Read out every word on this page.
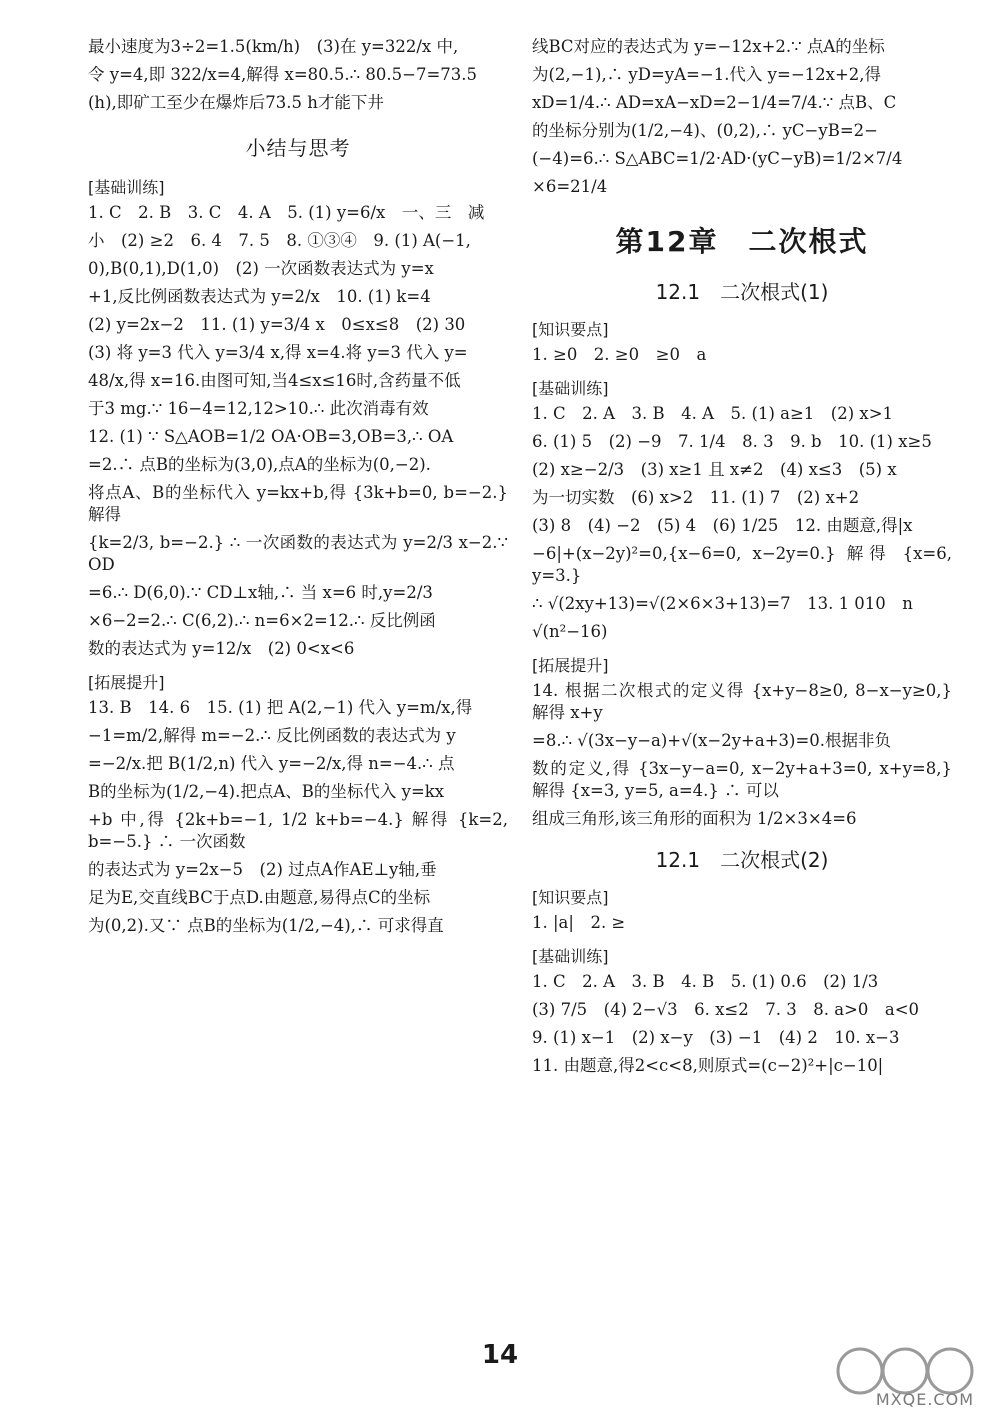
最小速度为3÷2=1.5(km/h)　(3)在 y=322/x 中,

令 y=4,即 322/x=4,解得 x=80.5.∴ 80.5−7=73.5

(h),即矿工至少在爆炸后73.5 h才能下井

小结与思考
[基础训练]

1. C　2. B　3. C　4. A　5. (1) y=6/x　一、三　减

小　(2) ≥2　6. 4　7. 5　8. ①③④　9. (1) A(−1,

0),B(0,1),D(1,0)　(2) 一次函数表达式为 y=x

+1,反比例函数表达式为 y=2/x　10. (1) k=4

(2) y=2x−2　11. (1) y=3/4 x　0≤x≤8　(2) 30

(3) 将 y=3 代入 y=3/4 x,得 x=4.将 y=3 代入 y=

48/x,得 x=16.由图可知,当4≤x≤16时,含药量不低

于3 mg.∵ 16−4=12,12>10.∴ 此次消毒有效

12. (1) ∵ S△AOB=1/2 OA·OB=3,OB=3,∴ OA

=2.∴ 点B的坐标为(3,0),点A的坐标为(0,−2).

将点A、B的坐标代入 y=kx+b,得 {3k+b=0, b=−2.} 解得

{k=2/3, b=−2.} ∴ 一次函数的表达式为 y=2/3 x−2.∵ OD

=6.∴ D(6,0).∵ CD⊥x轴,∴ 当 x=6 时,y=2/3

×6−2=2.∴ C(6,2).∴ n=6×2=12.∴ 反比例函

数的表达式为 y=12/x　(2) 0<x<6

[拓展提升]

13. B　14. 6　15. (1) 把 A(2,−1) 代入 y=m/x,得

−1=m/2,解得 m=−2.∴ 反比例函数的表达式为 y

=−2/x.把 B(1/2,n) 代入 y=−2/x,得 n=−4.∴ 点

B的坐标为(1/2,−4).把点A、B的坐标代入 y=kx

+b 中,得 {2k+b=−1, 1/2 k+b=−4.} 解得 {k=2, b=−5.} ∴ 一次函数

的表达式为 y=2x−5　(2) 过点A作AE⊥y轴,垂

足为E,交直线BC于点D.由题意,易得点C的坐标

为(0,2).又∵ 点B的坐标为(1/2,−4),∴ 可求得直

线BC对应的表达式为 y=−12x+2.∵ 点A的坐标

为(2,−1),∴ yD=yA=−1.代入 y=−12x+2,得

xD=1/4.∴ AD=xA−xD=2−1/4=7/4.∵ 点B、C

的坐标分别为(1/2,−4)、(0,2),∴ yC−yB=2−

(−4)=6.∴ S△ABC=1/2·AD·(yC−yB)=1/2×7/4

×6=21/4

第12章　二次根式
12.1　二次根式(1)
[知识要点]

1. ≥0　2. ≥0　≥0　a

[基础训练]

1. C　2. A　3. B　4. A　5. (1) a≥1　(2) x>1

6. (1) 5　(2) −9　7. 1/4　8. 3　9. b　10. (1) x≥5

(2) x≥−2/3　(3) x≥1 且 x≠2　(4) x≤3　(5) x

为一切实数　(6) x>2　11. (1) 7　(2) x+2

(3) 8　(4) −2　(5) 4　(6) 1/25　12. 由题意,得|x

−6|+(x−2y)²=0,{x−6=0, x−2y=0.} 解得 {x=6, y=3.}

∴ √(2xy+13)=√(2×6×3+13)=7　13. 1 010　n

√(n²−16)

[拓展提升]

14. 根据二次根式的定义得 {x+y−8≥0, 8−x−y≥0,} 解得 x+y

=8.∴ √(3x−y−a)+√(x−2y+a+3)=0.根据非负

数的定义,得 {3x−y−a=0, x−2y+a+3=0, x+y=8,} 解得 {x=3, y=5, a=4.} ∴ 可以

组成三角形,该三角形的面积为 1/2×3×4=6

12.1　二次根式(2)
[知识要点]

1. |a|　2. ≥

[基础训练]

1. C　2. A　3. B　4. B　5. (1) 0.6　(2) 1/3

(3) 7/5　(4) 2−√3　6. x≤2　7. 3　8. a>0　a<0

9. (1) x−1　(2) x−y　(3) −1　(4) 2　10. x−3

11. 由题意,得2<c<8,则原式=(c−2)²+|c−10|

14
MXQE.COM
